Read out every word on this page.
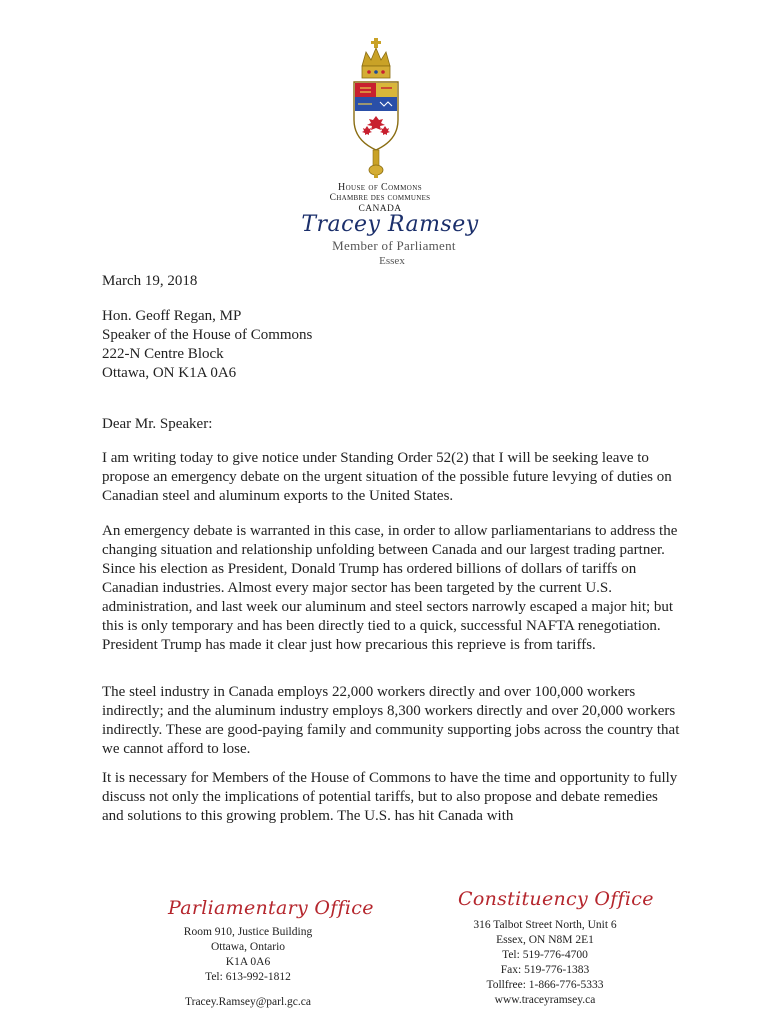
House of Commons
Chambre des communes
CANADA
Tracey Ramsey
Member of Parliament
Essex
March 19, 2018
Hon. Geoff Regan, MP
Speaker of the House of Commons
222-N Centre Block
Ottawa, ON K1A 0A6
Dear Mr. Speaker:
I am writing today to give notice under Standing Order 52(2) that I will be seeking leave to propose an emergency debate on the urgent situation of the possible future levying of duties on Canadian steel and aluminum exports to the United States.
An emergency debate is warranted in this case, in order to allow parliamentarians to address the changing situation and relationship unfolding between Canada and our largest trading partner. Since his election as President, Donald Trump has ordered billions of dollars of tariffs on Canadian industries. Almost every major sector has been targeted by the current U.S. administration, and last week our aluminum and steel sectors narrowly escaped a major hit; but this is only temporary and has been directly tied to a quick, successful NAFTA renegotiation. President Trump has made it clear just how precarious this reprieve is from tariffs.
The steel industry in Canada employs 22,000 workers directly and over 100,000 workers indirectly; and the aluminum industry employs 8,300 workers directly and over 20,000 workers indirectly. These are good-paying family and community supporting jobs across the country that we cannot afford to lose.
It is necessary for Members of the House of Commons to have the time and opportunity to fully discuss not only the implications of potential tariffs, but to also propose and debate remedies and solutions to this growing problem. The U.S. has hit Canada with
Parliamentary Office
Room 910, Justice Building
Ottawa, Ontario
K1A 0A6
Tel: 613-992-1812
Tracey.Ramsey@parl.gc.ca
Constituency Office
316 Talbot Street North, Unit 6
Essex, ON N8M 2E1
Tel: 519-776-4700
Fax: 519-776-1383
Tollfree: 1-866-776-5333
www.traceyramsey.ca
